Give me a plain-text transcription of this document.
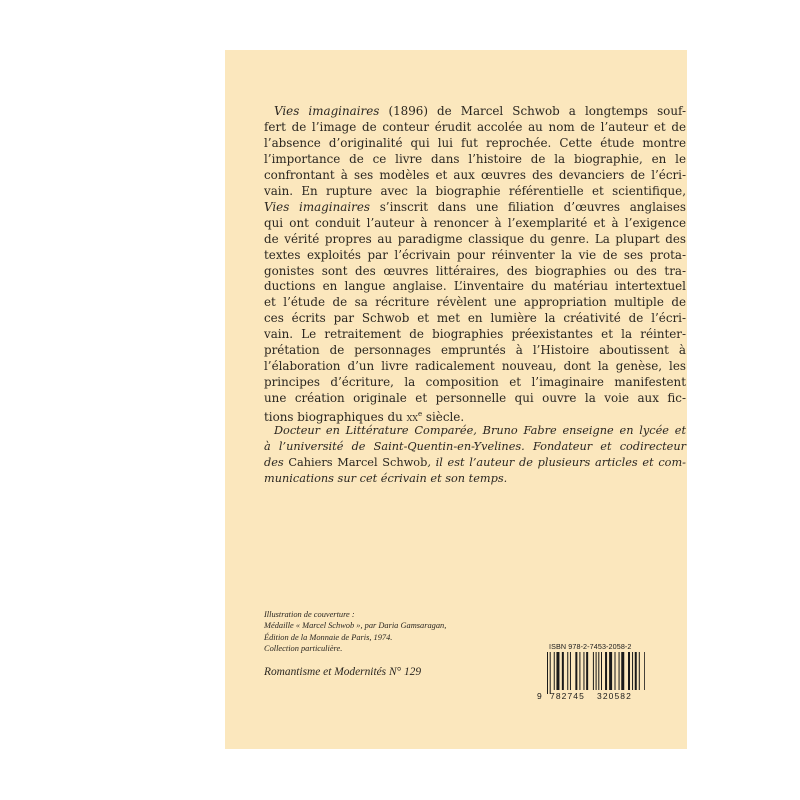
Vies imaginaires (1896) de Marcel Schwob a longtemps souf-
fert de l’image de conteur érudit accolée au nom de l’auteur et de
l’absence d’originalité qui lui fut reprochée. Cette étude montre
l’importance de ce livre dans l’histoire de la biographie, en le
confrontant à ses modèles et aux œuvres des devanciers de l’écri-
vain. En rupture avec la biographie référentielle et scientifique,
Vies imaginaires s’inscrit dans une filiation d’œuvres anglaises
qui ont conduit l’auteur à renoncer à l’exemplarité et à l’exigence
de vérité propres au paradigme classique du genre. La plupart des
textes exploités par l’écrivain pour réinventer la vie de ses prota-
gonistes sont des œuvres littéraires, des biographies ou des tra-
ductions en langue anglaise. L’inventaire du matériau intertextuel
et l’étude de sa récriture révèlent une appropriation multiple de
ces écrits par Schwob et met en lumière la créativité de l’écri-
vain. Le retraitement de biographies préexistantes et la réinter-
prétation de personnages empruntés à l’Histoire aboutissent à
l’élaboration d’un livre radicalement nouveau, dont la genèse, les
principes d’écriture, la composition et l’imaginaire manifestent
une création originale et personnelle qui ouvre la voie aux fic-
tions biographiques du $xx^e$ siècle.
Docteur en Littérature Comparée, Bruno Fabre enseigne en lycée et
à l’université de Saint-Quentin-en-Yvelines. Fondateur et codirecteur
des Cahiers Marcel Schwob, il est l’auteur de plusieurs articles et com-
munications sur cet écrivain et son temps.
Illustration de couverture :
Médaille « Marcel Schwob », par Daria Gamsaragan,
Édition de la Monnaie de Paris, 1974.
Collection particulière.
Romantisme et Modernités N° 129
ISBN 978-2-7453-2058-2
9 782745 320582
